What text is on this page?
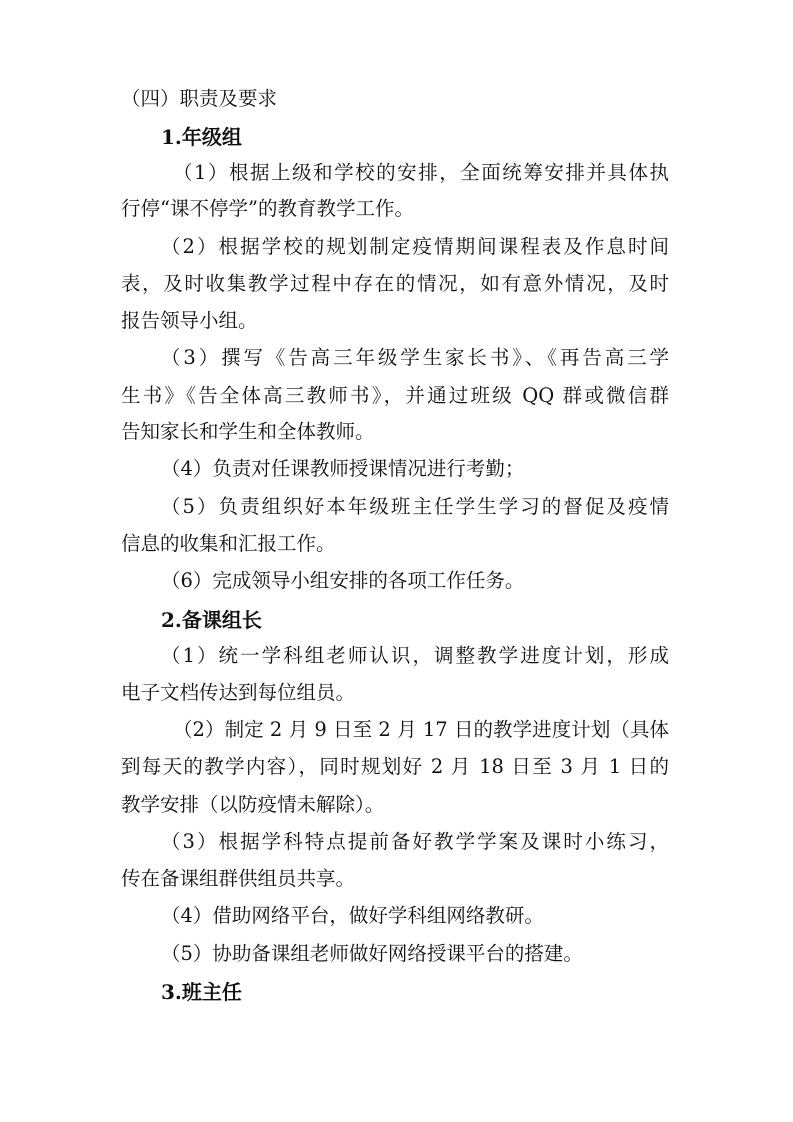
（四）职责及要求
1.年级组
（1）根据上级和学校的安排，全面统筹安排并具体执
行停“课不停学”的教育教学工作。
（2）根据学校的规划制定疫情期间课程表及作息时间
表，及时收集教学过程中存在的情况，如有意外情况，及时
报告领导小组。
（3）撰写《告高三年级学生家长书》、《再告高三学
生书》《告全体高三教师书》，并通过班级 QQ 群或微信群
告知家长和学生和全体教师。
（4）负责对任课教师授课情况进行考勤；
（5）负责组织好本年级班主任学生学习的督促及疫情
信息的收集和汇报工作。
（6）完成领导小组安排的各项工作任务。
2.备课组长
（1）统一学科组老师认识，调整教学进度计划，形成
电子文档传达到每位组员。
（2）制定 2 月 9 日至 2 月 17 日的教学进度计划（具体
到每天的教学内容），同时规划好 2 月 18 日至 3 月 1 日的
教学安排（以防疫情未解除）。
（3）根据学科特点提前备好教学学案及课时小练习，
传在备课组群供组员共享。
（4）借助网络平台，做好学科组网络教研。
（5）协助备课组老师做好网络授课平台的搭建。
3.班主任
